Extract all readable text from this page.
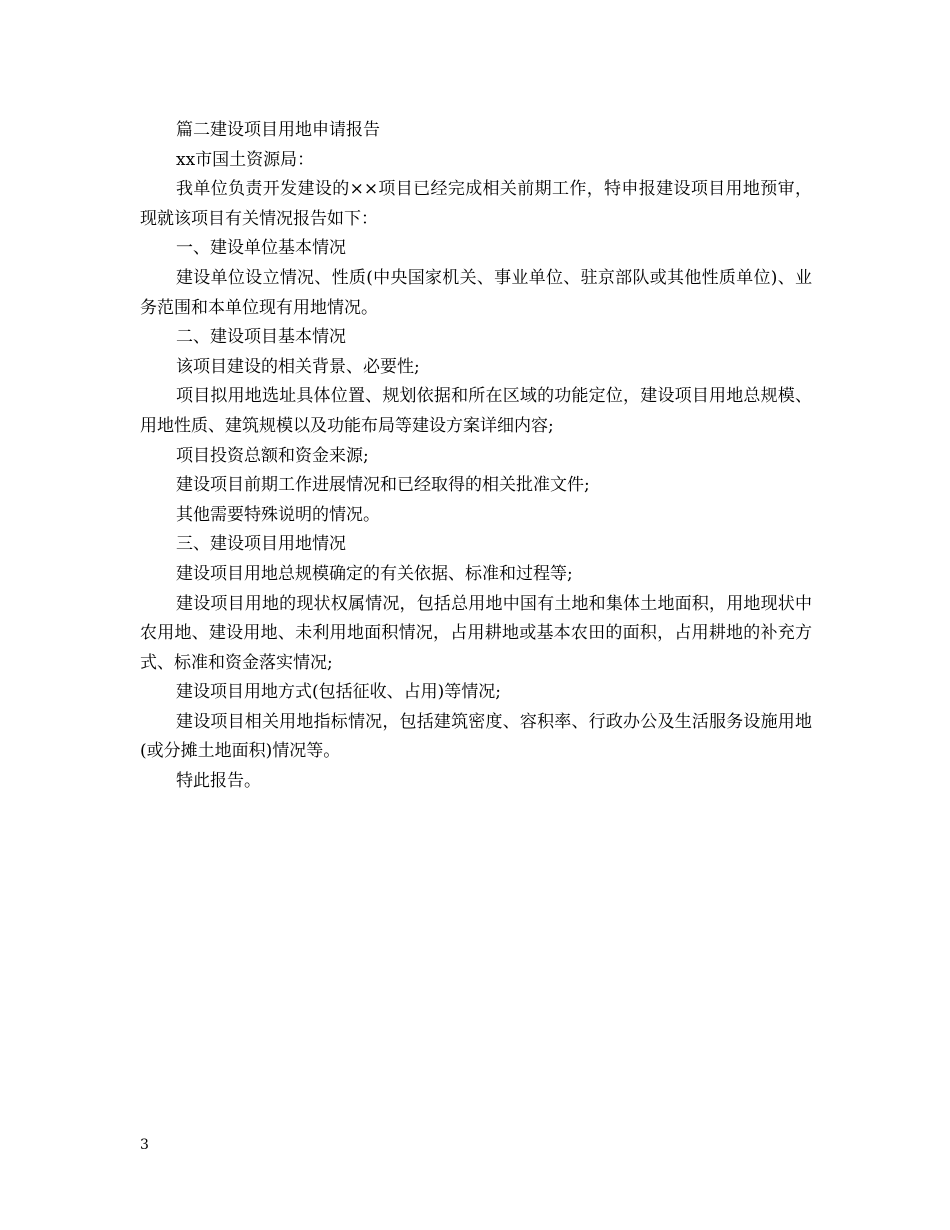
篇二建设项目用地申请报告

xx市国土资源局：

我单位负责开发建设的××项目已经完成相关前期工作，特申报建设项目用地预审，现就该项目有关情况报告如下：

一、建设单位基本情况

建设单位设立情况、性质(中央国家机关、事业单位、驻京部队或其他性质单位)、业务范围和本单位现有用地情况。

二、建设项目基本情况

该项目建设的相关背景、必要性;

项目拟用地选址具体位置、规划依据和所在区域的功能定位，建设项目用地总规模、用地性质、建筑规模以及功能布局等建设方案详细内容;

项目投资总额和资金来源;

建设项目前期工作进展情况和已经取得的相关批准文件;

其他需要特殊说明的情况。

三、建设项目用地情况

建设项目用地总规模确定的有关依据、标准和过程等;

建设项目用地的现状权属情况，包括总用地中国有土地和集体土地面积，用地现状中农用地、建设用地、未利用地面积情况，占用耕地或基本农田的面积，占用耕地的补充方式、标准和资金落实情况;

建设项目用地方式(包括征收、占用)等情况;

建设项目相关用地指标情况，包括建筑密度、容积率、行政办公及生活服务设施用地(或分摊土地面积)情况等。

特此报告。

3
